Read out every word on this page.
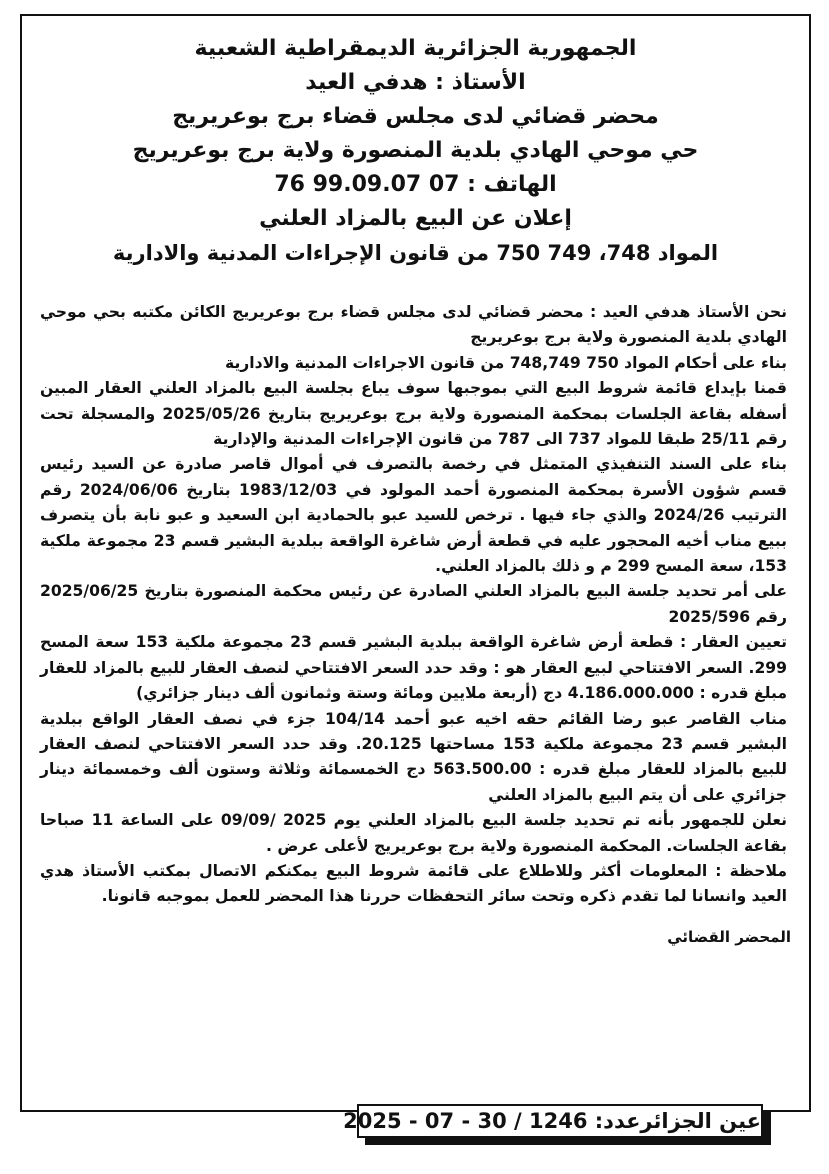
الجمهورية الجزائرية الديمقراطية الشعبية
الأستاذ : هدفي العيد
محضر قضائي لدى مجلس قضاء برج بوعريريج
حي موحي الهادي بلدية المنصورة ولاية برج بوعريريج
الهاتف : 07 99.09.07 76
إعلان عن البيع بالمزاد العلني
المواد 748، 749 750 من قانون الإجراءات المدنية والادارية

نحن الأستاذ هدفي العيد : محضر قضائي لدى مجلس قضاء برج بوعريريج الكائن مكتبه بحي موحي الهادي بلدية المنصورة ولاية برج بوعريريج

بناء على أحكام المواد 750 748,749 من قانون الاجراءات المدنية والادارية

قمنا بإيداع قائمة شروط البيع التي بموجبها سوف يباع بجلسة البيع بالمزاد العلني العقار المبين أسفله بقاعة الجلسات بمحكمة المنصورة ولاية برج بوعريريج بتاريخ 2025/05/26 والمسجلة تحت رقم 25/11 طبقا للمواد 737 الى 787 من قانون الإجراءات المدنية والإدارية

بناء على السند التنفيذي المتمثل في رخصة بالتصرف في أموال قاصر صادرة عن السيد رئيس قسم شؤون الأسرة بمحكمة المنصورة أحمد المولود في 1983/12/03 بتاريخ 2024/06/06 رقم الترتيب 2024/26 والذي جاء فيها . ترخص للسيد عبو بالحمادية ابن السعيد و عبو نابة بأن يتصرف ببيع مناب أخيه المحجور عليه في قطعة أرض شاغرة الواقعة ببلدية البشير قسم 23 مجموعة ملكية 153، سعة المسح 299 م و ذلك بالمزاد العلني.

على أمر تحديد جلسة البيع بالمزاد العلني الصادرة عن رئيس محكمة المنصورة بتاريخ 2025/06/25 رقم 2025/596

تعيين العقار : قطعة أرض شاغرة الواقعة ببلدية البشير قسم 23 مجموعة ملكية 153 سعة المسح 299. السعر الافتتاحي لبيع العقار هو : وقد حدد السعر الافتتاحي لنصف العقار للبيع بالمزاد للعقار مبلغ قدره : 4.186.000.000 دج (أربعة ملايين ومائة وستة وثمانون ألف دينار جزائري)

مناب القاصر عبو رضا القائم حقه اخيه عبو أحمد 104/14 جزء في نصف العقار الواقع ببلدية البشير قسم 23 مجموعة ملكية 153 مساحتها 20.125. وقد حدد السعر الافتتاحي لنصف العقار للبيع بالمزاد للعقار مبلغ قدره : 563.500.00 دج الخمسمائة وثلاثة وستون ألف وخمسمائة دينار جزائري على أن يتم البيع بالمزاد العلني

نعلن للجمهور بأنه تم تحديد جلسة البيع بالمزاد العلني يوم 2025 /09/09 على الساعة 11 صباحا بقاعة الجلسات. المحكمة المنصورة ولاية برج بوعريريج لأعلى عرض .

ملاحظة : المعلومات أكثر وللاطلاع على قائمة شروط البيع يمكنكم الاتصال بمكتب الأستاذ هدي العيد وانسانا لما تقدم ذكره وتحت سائر التحفظات حررنا هذا المحضر للعمل بموجبه قانونا.

المحضر القضائي
عين الجزائرعدد: 1246 / 30 - 07 - 2025
